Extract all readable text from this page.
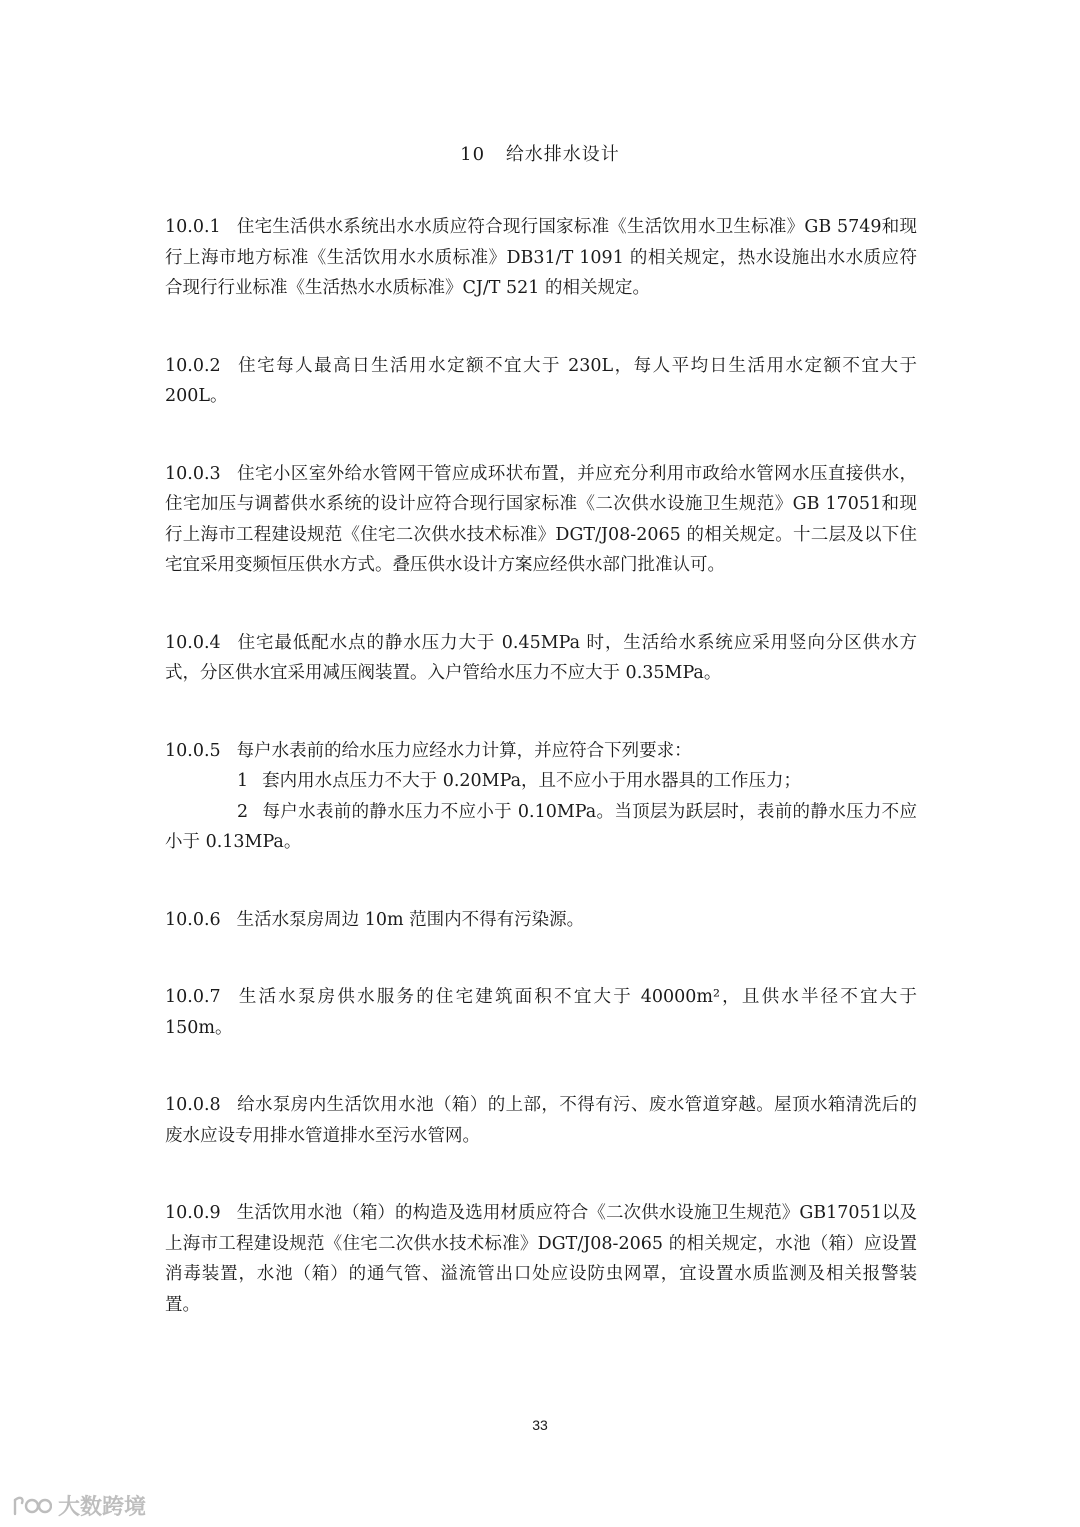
10 给水排水设计

10.0.1 住宅生活供水系统出水水质应符合现行国家标准《生活饮用水卫生标准》GB 5749和现行上海市地方标准《生活饮用水水质标准》DB31/T 1091 的相关规定，热水设施出水水质应符合现行行业标准《生活热水水质标准》CJ/T 521 的相关规定。

10.0.2 住宅每人最高日生活用水定额不宜大于 230L，每人平均日生活用水定额不宜大于 200L。

10.0.3 住宅小区室外给水管网干管应成环状布置，并应充分利用市政给水管网水压直接供水，住宅加压与调蓄供水系统的设计应符合现行国家标准《二次供水设施卫生规范》GB 17051和现行上海市工程建设规范《住宅二次供水技术标准》DGT/J08-2065 的相关规定。十二层及以下住宅宜采用变频恒压供水方式。叠压供水设计方案应经供水部门批准认可。

10.0.4 住宅最低配水点的静水压力大于 0.45MPa 时，生活给水系统应采用竖向分区供水方式，分区供水宜采用减压阀装置。入户管给水压力不应大于 0.35MPa。

10.0.5 每户水表前的给水压力应经水力计算，并应符合下列要求：

1 套内用水点压力不大于 0.20MPa，且不应小于用水器具的工作压力；

2 每户水表前的静水压力不应小于 0.10MPa。当顶层为跃层时，表前的静水压力不应小于 0.13MPa。

10.0.6 生活水泵房周边 10m 范围内不得有污染源。

10.0.7 生活水泵房供水服务的住宅建筑面积不宜大于 40000m²，且供水半径不宜大于 150m。

10.0.8 给水泵房内生活饮用水池（箱）的上部，不得有污、废水管道穿越。屋顶水箱清洗后的废水应设专用排水管道排水至污水管网。

10.0.9 生活饮用水池（箱）的构造及选用材质应符合《二次供水设施卫生规范》GB17051以及上海市工程建设规范《住宅二次供水技术标准》DGT/J08-2065 的相关规定，水池（箱）应设置消毒装置，水池（箱）的通气管、溢流管出口处应设防虫网罩，宜设置水质监测及相关报警装置。

33
大数跨境
